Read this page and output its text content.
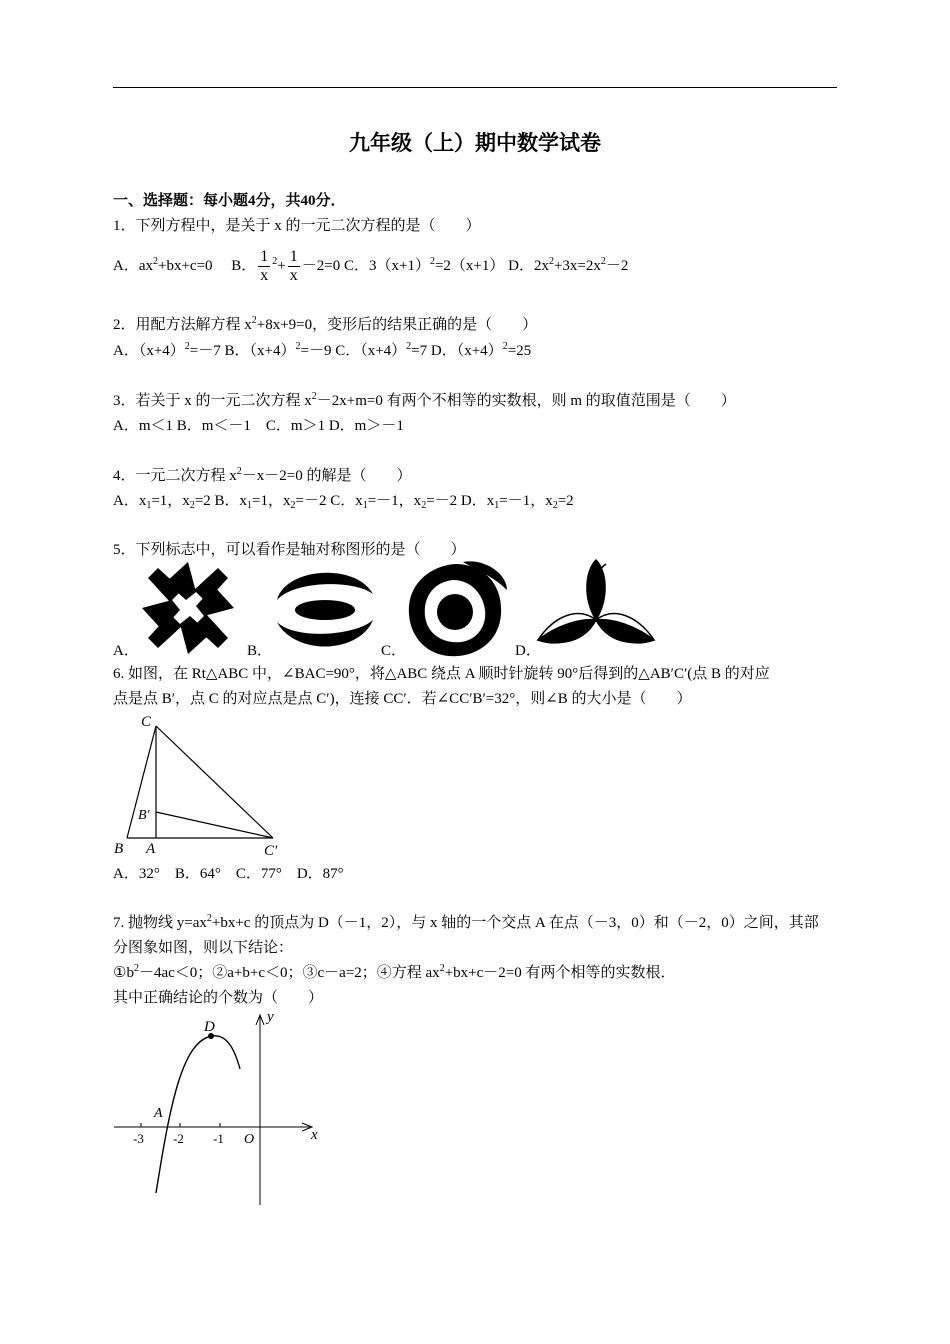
九年级（上）期中数学试卷
一、选择题：每小题4分，共40分．
1．下列方程中，是关于 x 的一元二次方程的是（　　）
A．$ax^2+bx+c=0$　 B． $\frac{1}{x} ^2+ \frac{1}{x} -2=0$ C．$3(x+1)^2=2(x+1)$ D．$2x^2+3x=2x^2-2$
2．用配方法解方程 $x^2+8x+9=0$，变形后的结果正确的是（　　）
A．$(x+4)^2=-7$ B．$(x+4)^2=-9$ C．$(x+4)^2=7$ D．$(x+4)^2=25$
3．若关于 x 的一元二次方程 $x^2-2x+m=0$ 有两个不相等的实数根，则 m 的取值范围是（　　）
A．m＜1 B．m＜－1　C．m＞1 D．m＞－1
4．一元二次方程 $x^2-x-2=0$ 的解是（　　）
A．$x_1=1$，$x_2=2$ B．$x_1=1$，$x_2=-2$ C．$x_1=-1$，$x_2=-2$ D．$x_1=-1$，$x_2=2$
5．下列标志中，可以看作是轴对称图形的是（　　）
A．	B．	C．	D．
6. 如图，在 Rt△ABC 中，∠BAC=90°，将△ABC 绕点 A 顺时针旋转 90°后得到的△AB′C′(点 B 的对应
点是点 B′，点 C 的对应点是点 C′)，连接 CC′．若∠CC′B′=32°，则∠B 的大小是（　　）
C
B′
B A	C′
A．32°　B．64°　C．77°　D．87°
7. 抛物线 $y=ax^2+bx+c$ 的顶点为 D（－1，2），与 x 轴的一个交点 A 在点（－3，0）和（－2，0）之间，其部
分图象如图，则以下结论：
$①b^2-4ac<0$；②a+b+c＜0；③c－a=2；④方程 $ax^2+bx+c-2=0$ 有两个相等的实数根．
其中正确结论的个数为（　　）
y
x
D
A
O
-3 -2 -1
